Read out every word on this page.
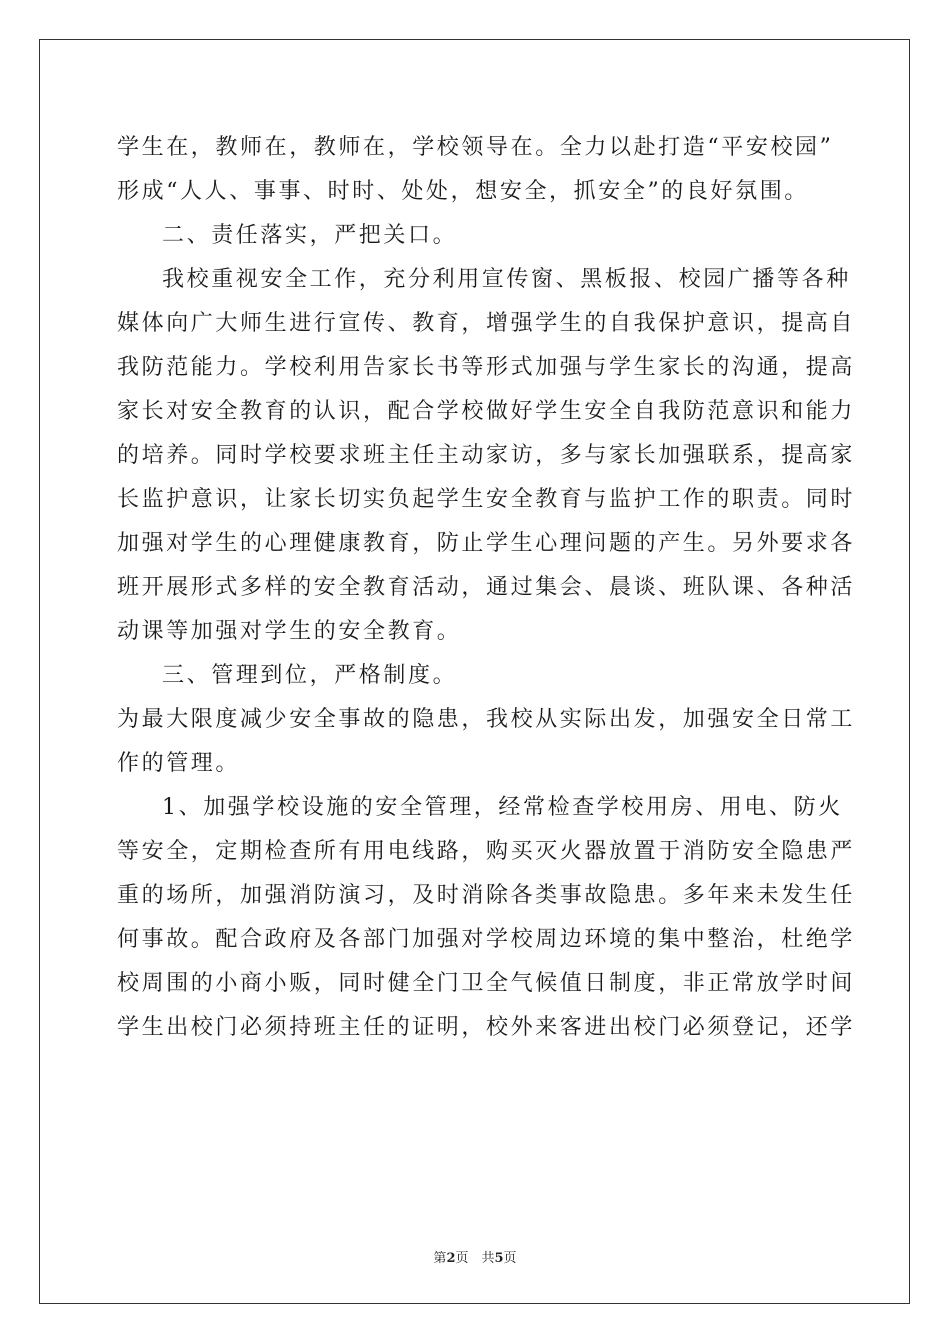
学生在，教师在，教师在，学校领导在。全力以赴打造“平安校园”

形成“人人、事事、时时、处处，想安全，抓安全”的良好氛围。

二、责任落实，严把关口。

我校重视安全工作，充分利用宣传窗、黑板报、校园广播等各种

媒体向广大师生进行宣传、教育，增强学生的自我保护意识，提高自

我防范能力。学校利用告家长书等形式加强与学生家长的沟通，提高

家长对安全教育的认识，配合学校做好学生安全自我防范意识和能力

的培养。同时学校要求班主任主动家访，多与家长加强联系，提高家

长监护意识，让家长切实负起学生安全教育与监护工作的职责。同时

加强对学生的心理健康教育，防止学生心理问题的产生。另外要求各

班开展形式多样的安全教育活动，通过集会、晨谈、班队课、各种活

动课等加强对学生的安全教育。

三、管理到位，严格制度。

为最大限度减少安全事故的隐患，我校从实际出发，加强安全日常工

作的管理。

1、加强学校设施的安全管理，经常检查学校用房、用电、防火

等安全，定期检查所有用电线路，购买灭火器放置于消防安全隐患严

重的场所，加强消防演习，及时消除各类事故隐患。多年来未发生任

何事故。配合政府及各部门加强对学校周边环境的集中整治，杜绝学

校周围的小商小贩，同时健全门卫全气候值日制度，非正常放学时间

学生出校门必须持班主任的证明，校外来客进出校门必须登记，还学

第2页　共5页
